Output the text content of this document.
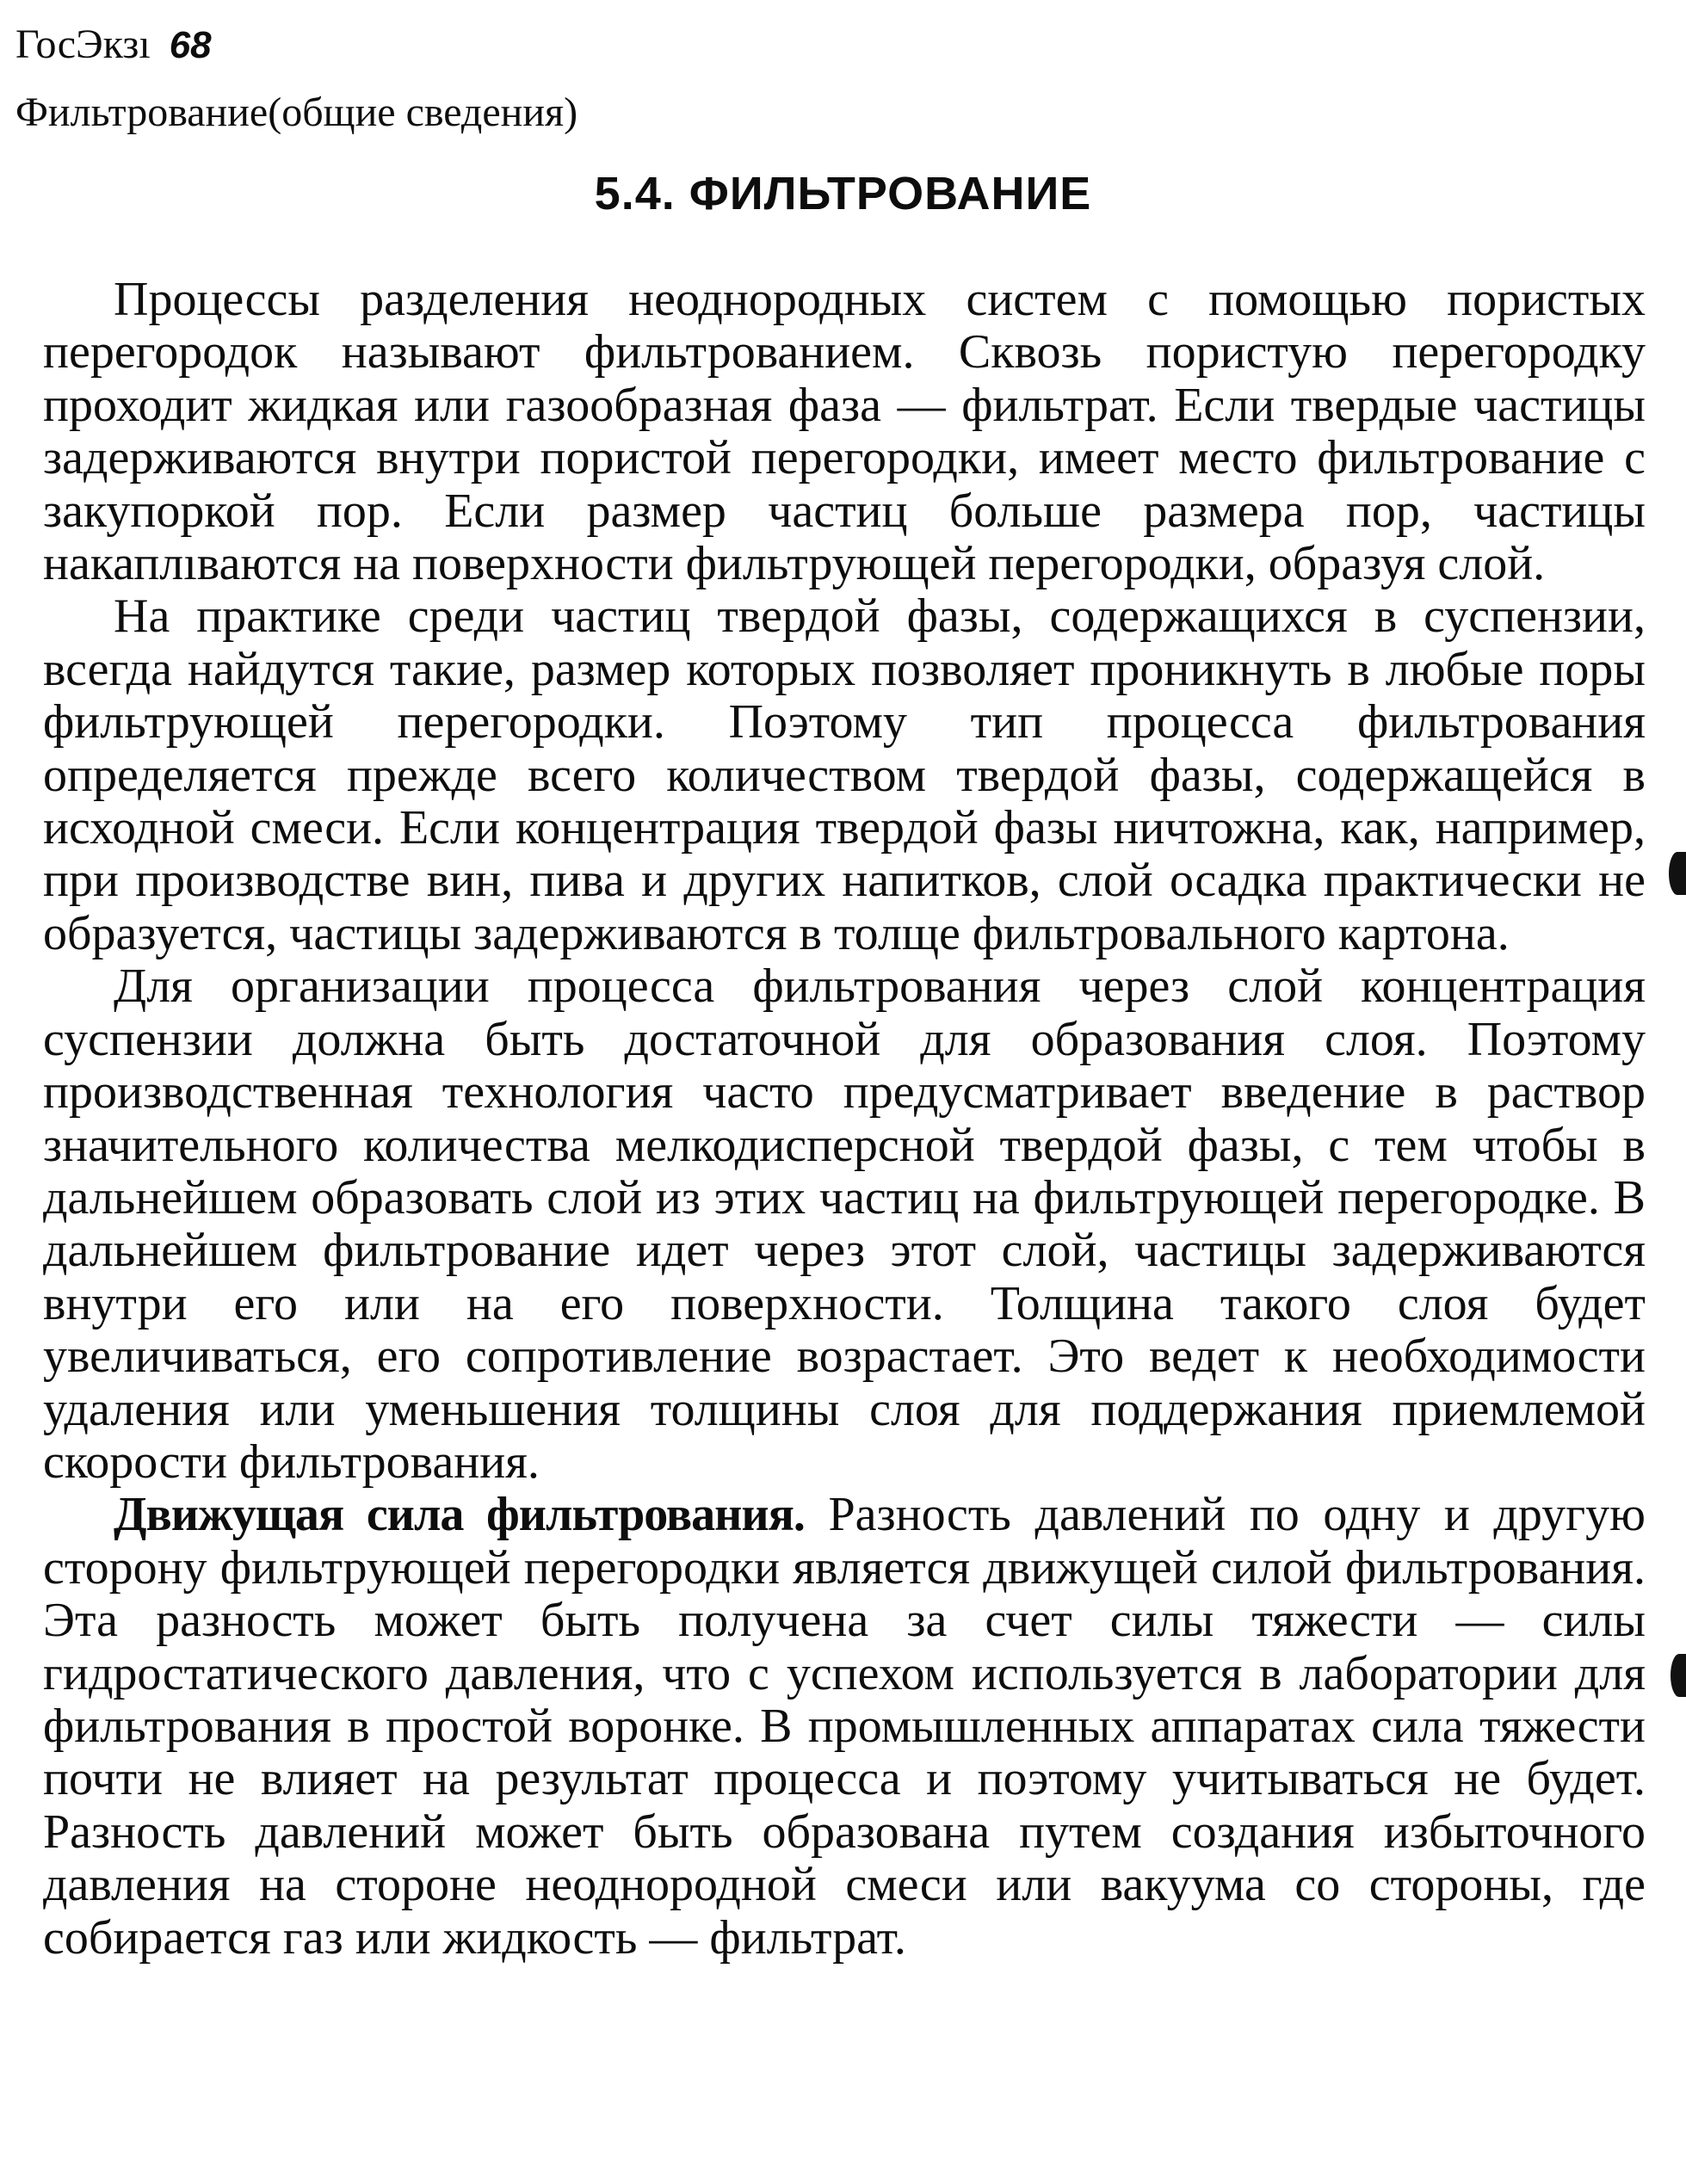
ГосЭкзı 68
Фильтрование(общие сведения)
5.4. ФИЛЬТРОВАНИЕ

Процессы разделения неоднородных систем с помощью пористых перегородок называют фильтрованием. Сквозь пористую перегородку проходит жидкая или газообразная фаза — фильтрат. Если твердые частицы задерживаются внутри пористой перегородки, имеет место фильтрование с закупоркой пор. Если размер частиц больше размера пор, частицы накаплıваются на поверхности фильтрующей перегородки, образуя слой.

На практике среди частиц твердой фазы, содержащихся в суспензии, всегда найдутся такие, размер которых позволяет проникнуть в любые поры фильтрующей перегородки. Поэтому тип процесса фильтрования определяется прежде всего количеством твердой фазы, содержащейся в исходной смеси. Если концентрация твердой фазы ничтожна, как, например, при производстве вин, пива и других напитков, слой осадка практически не образуется, частицы задерживаются в толще фильтровального картона.

Для организации процесса фильтрования через слой концентрация суспензии должна быть достаточной для образования слоя. Поэтому производственная технология часто предусматривает введение в раствор значительного количества мелкодисперсной твердой фазы, с тем чтобы в дальнейшем образовать слой из этих частиц на фильтрующей перегородке. В дальнейшем фильтрование идет через этот слой, частицы задерживаются внутри его или на его поверхности. Толщина такого слоя будет увеличиваться, его сопротивление возрастает. Это ведет к необходимости удаления или уменьшения толщины слоя для поддержания приемлемой скорости фильтрования.

Движущая сила фильтрования. Разность давлений по одну и другую сторону фильтрующей перегородки является движущей силой фильтрования. Эта разность может быть получена за счет силы тяжести — силы гидростатического давления, что с успехом используется в лаборатории для фильтрования в простой воронке. В промышленных аппаратах сила тяжести почти не влияет на результат процесса и поэтому учитываться не будет. Разность давлений может быть образована путем создания избыточного давления на стороне неоднородной смеси или вакуума со стороны, где собирается газ или жидкость — фильтрат.
